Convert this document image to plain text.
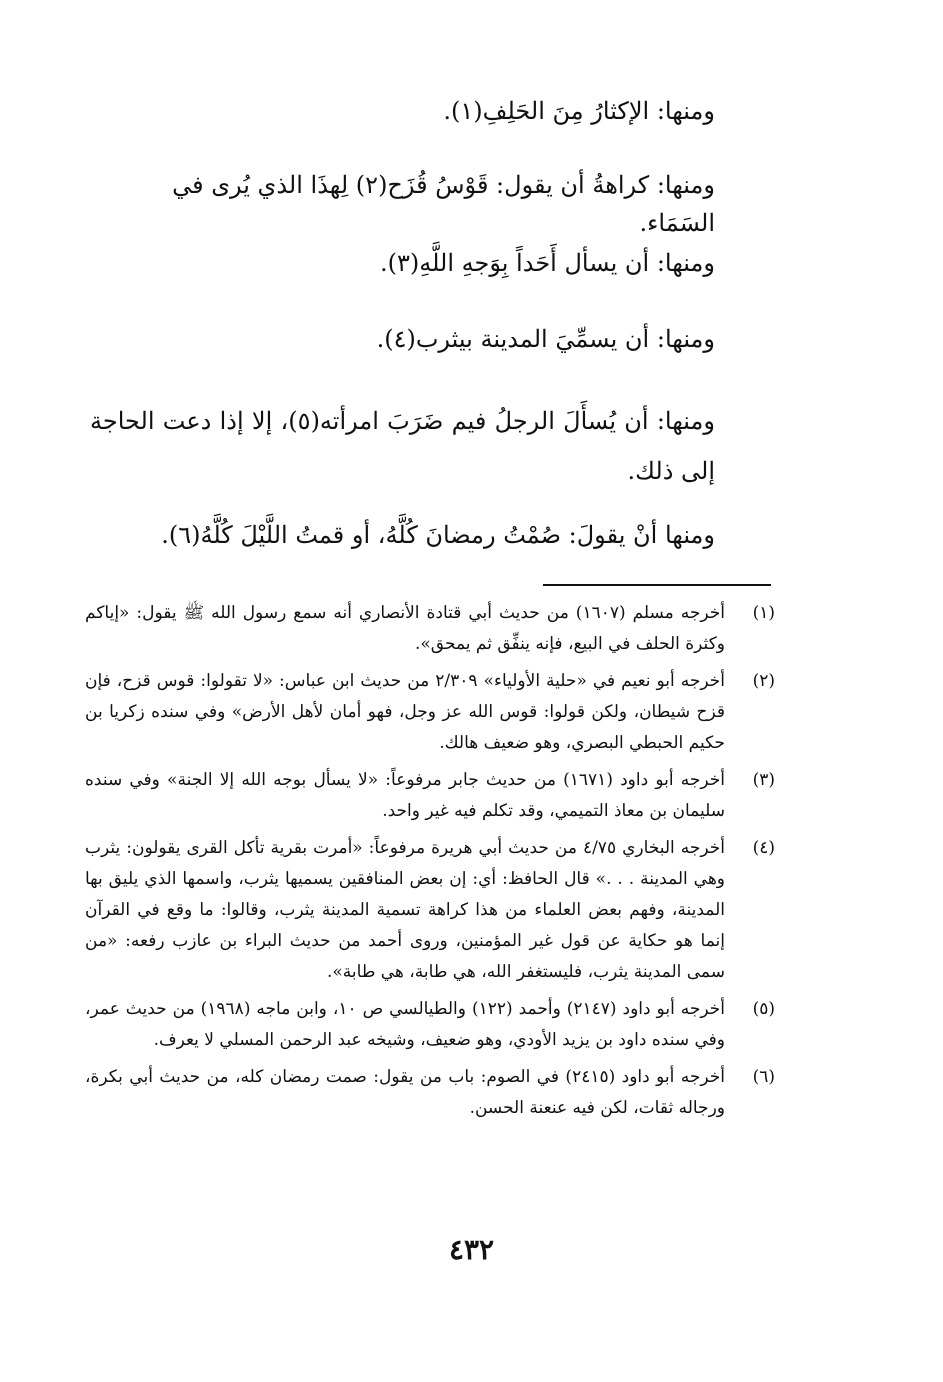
ومنها: الإكثارُ مِنَ الحَلِفِ(١).
ومنها: كراهةُ أن يقول: قَوْسُ قُزَح(٢) لِهذَا الذي يُرى في السَمَاء.
ومنها: أن يسأل أَحَداً بِوَجهِ اللَّهِ(٣).
ومنها: أن يسمِّيَ المدينة بيثرب(٤).
ومنها: أن يُسأَلَ الرجلُ فيم ضَرَبَ امرأته(٥)، إلا إذا دعت الحاجة إلى ذلك.
ومنها أنْ يقولَ: صُمْتُ رمضانَ كُلَّهُ، أو قمتُ اللَّيْلَ كُلَّهُ(٦).
(١)
أخرجه مسلم (١٦٠٧) من حديث أبي قتادة الأنصاري أنه سمع رسول الله ﷺ يقول: «إياكم وكثرة الحلف في البيع، فإنه ينفِّق ثم يمحق».
(٢)
أخرجه أبو نعيم في «حلية الأولياء» ٢/٣٠٩ من حديث ابن عباس: «لا تقولوا: قوس قزح، فإن قزح شيطان، ولكن قولوا: قوس الله عز وجل، فهو أمان لأهل الأرض» وفي سنده زكريا بن حكيم الحبطي البصري، وهو ضعيف هالك.
(٣)
أخرجه أبو داود (١٦٧١) من حديث جابر مرفوعاً: «لا يسأل بوجه الله إلا الجنة» وفي سنده سليمان بن معاذ التميمي، وقد تكلم فيه غير واحد.
(٤)
أخرجه البخاري ٤/٧٥ من حديث أبي هريرة مرفوعاً: «أمرت بقرية تأكل القرى يقولون: يثرب وهي المدينة . . .» قال الحافظ: أي: إن بعض المنافقين يسميها يثرب، واسمها الذي يليق بها المدينة، وفهم بعض العلماء من هذا كراهة تسمية المدينة يثرب، وقالوا: ما وقع في القرآن إنما هو حكاية عن قول غير المؤمنين، وروى أحمد من حديث البراء بن عازب رفعه: «من سمى المدينة يثرب، فليستغفر الله، هي طابة، هي طابة».
(٥)
أخرجه أبو داود (٢١٤٧) وأحمد (١٢٢) والطيالسي ص ١٠، وابن ماجه (١٩٦٨) من حديث عمر، وفي سنده داود بن يزيد الأودي، وهو ضعيف، وشيخه عبد الرحمن المسلي لا يعرف.
(٦)
أخرجه أبو داود (٢٤١٥) في الصوم: باب من يقول: صمت رمضان كله، من حديث أبي بكرة، ورجاله ثقات، لكن فيه عنعنة الحسن.
٤٣٢
